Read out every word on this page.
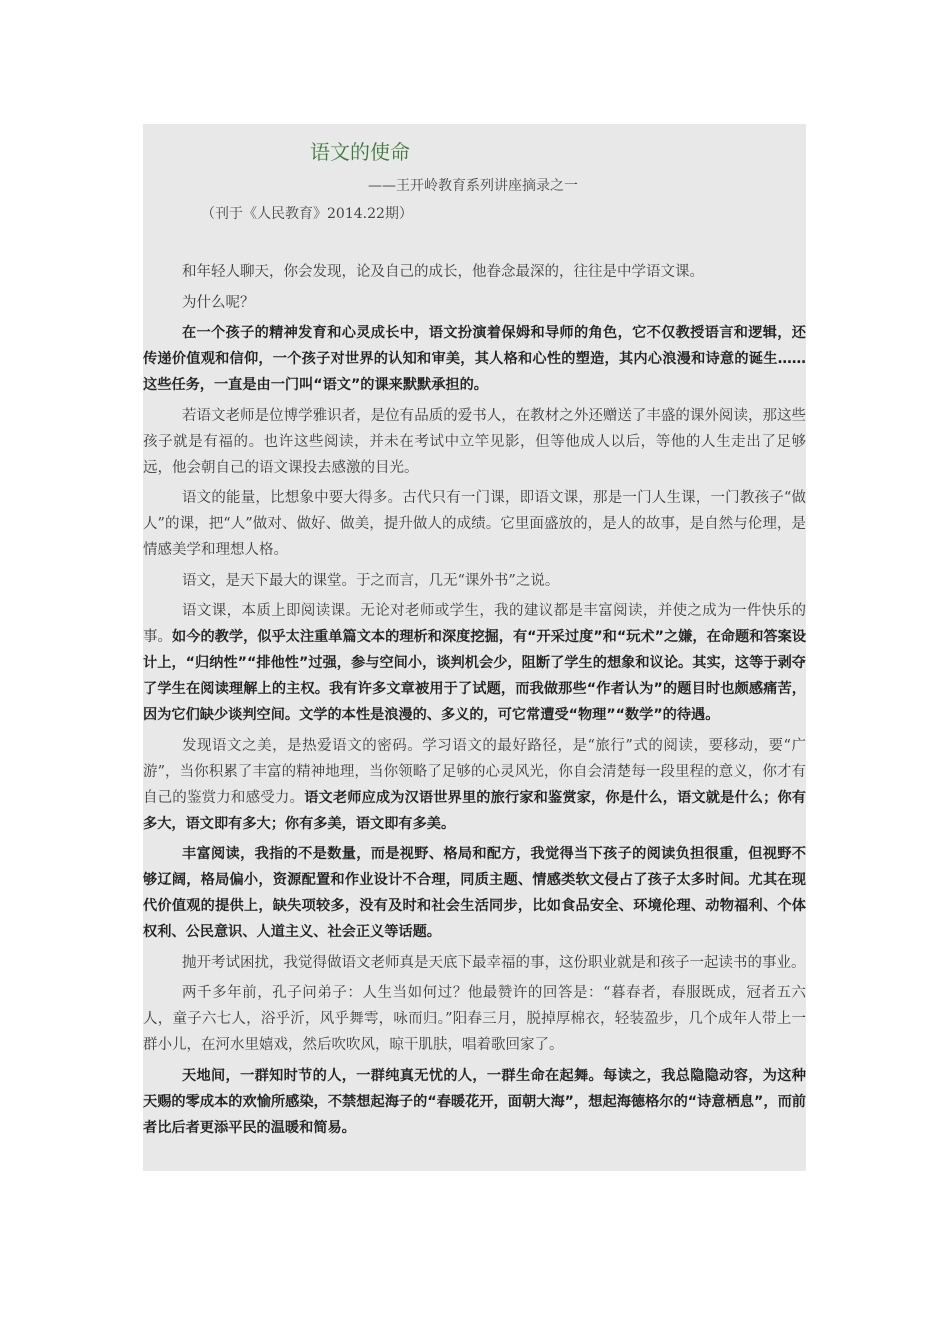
语文的使命
——王开岭教育系列讲座摘录之一
（刊于《人民教育》2014.22期）

和年轻人聊天，你会发现，论及自己的成长，他眷念最深的，往往是中学语文课。

为什么呢？

在一个孩子的精神发育和心灵成长中，语文扮演着保姆和导师的角色，它不仅教授语言和逻辑，还传递价值观和信仰，一个孩子对世界的认知和审美，其人格和心性的塑造，其内心浪漫和诗意的诞生……这些任务，一直是由一门叫“语文”的课来默默承担的。

若语文老师是位博学雅识者，是位有品质的爱书人，在教材之外还赠送了丰盛的课外阅读，那这些孩子就是有福的。也许这些阅读，并未在考试中立竿见影，但等他成人以后，等他的人生走出了足够远，他会朝自己的语文课投去感激的目光。

语文的能量，比想象中要大得多。古代只有一门课，即语文课，那是一门人生课，一门教孩子“做人”的课，把“人”做对、做好、做美，提升做人的成绩。它里面盛放的，是人的故事，是自然与伦理，是情感美学和理想人格。

语文，是天下最大的课堂。于之而言，几无“课外书”之说。

语文课，本质上即阅读课。无论对老师或学生，我的建议都是丰富阅读，并使之成为一件快乐的事。如今的教学，似乎太注重单篇文本的理析和深度挖掘，有“开采过度”和“玩术”之嫌，在命题和答案设计上，“归纳性”“排他性”过强，参与空间小，谈判机会少，阻断了学生的想象和议论。其实，这等于剥夺了学生在阅读理解上的主权。我有许多文章被用于了试题，而我做那些“作者认为”的题目时也颇感痛苦，因为它们缺少谈判空间。文学的本性是浪漫的、多义的，可它常遭受“物理”“数学”的待遇。

发现语文之美，是热爱语文的密码。学习语文的最好路径，是“旅行”式的阅读，要移动，要“广游”，当你积累了丰富的精神地理，当你领略了足够的心灵风光，你自会清楚每一段里程的意义，你才有自己的鉴赏力和感受力。语文老师应成为汉语世界里的旅行家和鉴赏家，你是什么，语文就是什么；你有多大，语文即有多大；你有多美，语文即有多美。

丰富阅读，我指的不是数量，而是视野、格局和配方，我觉得当下孩子的阅读负担很重，但视野不够辽阔，格局偏小，资源配置和作业设计不合理，同质主题、情感类软文侵占了孩子太多时间。尤其在现代价值观的提供上，缺失项较多，没有及时和社会生活同步，比如食品安全、环境伦理、动物福利、个体权利、公民意识、人道主义、社会正义等话题。

抛开考试困扰，我觉得做语文老师真是天底下最幸福的事，这份职业就是和孩子一起读书的事业。

两千多年前，孔子问弟子：人生当如何过？他最赞许的回答是：“暮春者，春服既成，冠者五六人，童子六七人，浴乎沂，风乎舞雩，咏而归。”阳春三月，脱掉厚棉衣，轻装盈步，几个成年人带上一群小儿，在河水里嬉戏，然后吹吹风，晾干肌肤，唱着歌回家了。

天地间，一群知时节的人，一群纯真无忧的人，一群生命在起舞。每读之，我总隐隐动容，为这种天赐的零成本的欢愉所感染，不禁想起海子的“春暖花开，面朝大海”，想起海德格尔的“诗意栖息”，而前者比后者更添平民的温暖和简易。
